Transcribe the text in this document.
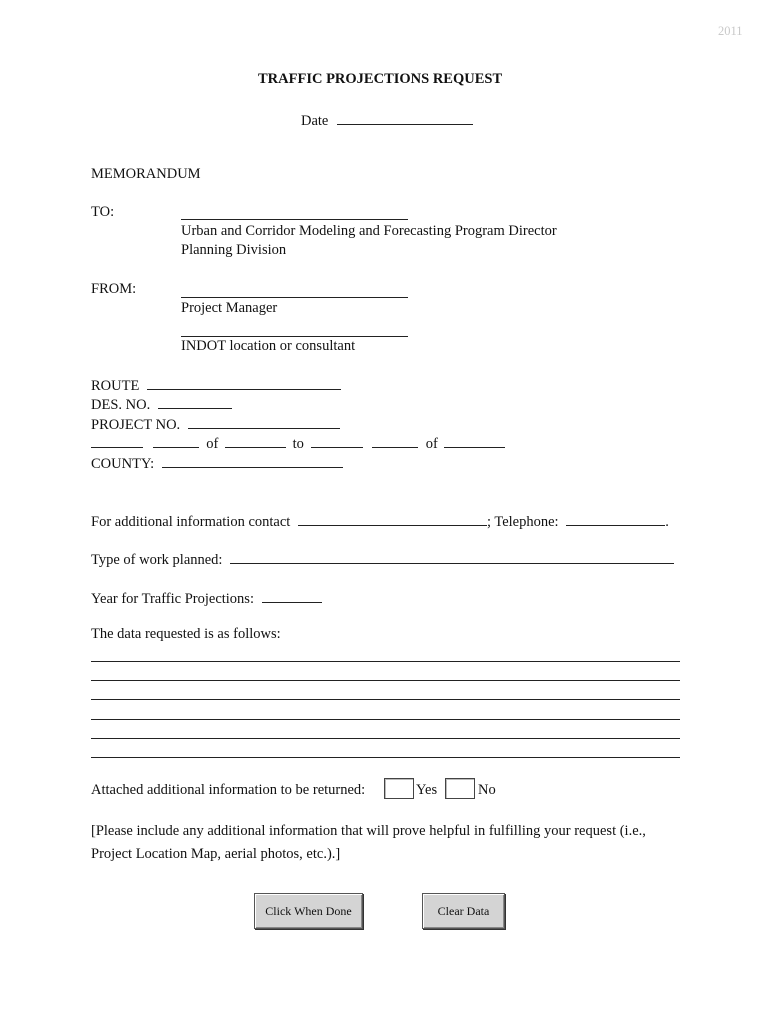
2011
TRAFFIC PROJECTIONS REQUEST
Date
MEMORANDUM
TO:
Urban and Corridor Modeling and Forecasting Program Director
Planning Division
FROM:
Project Manager
INDOT location or consultant
ROUTE
DES. NO.
PROJECT NO.
of	to	of
COUNTY:
For additional information contact	; Telephone:	.
Type of work planned:
Year for Traffic Projections:
The data requested is as follows:
Attached additional information to be returned:	Yes	No
[Please include any additional information that will prove helpful in fulfilling your request (i.e.,
Project Location Map, aerial photos, etc.).]
Click When Done	Clear Data
